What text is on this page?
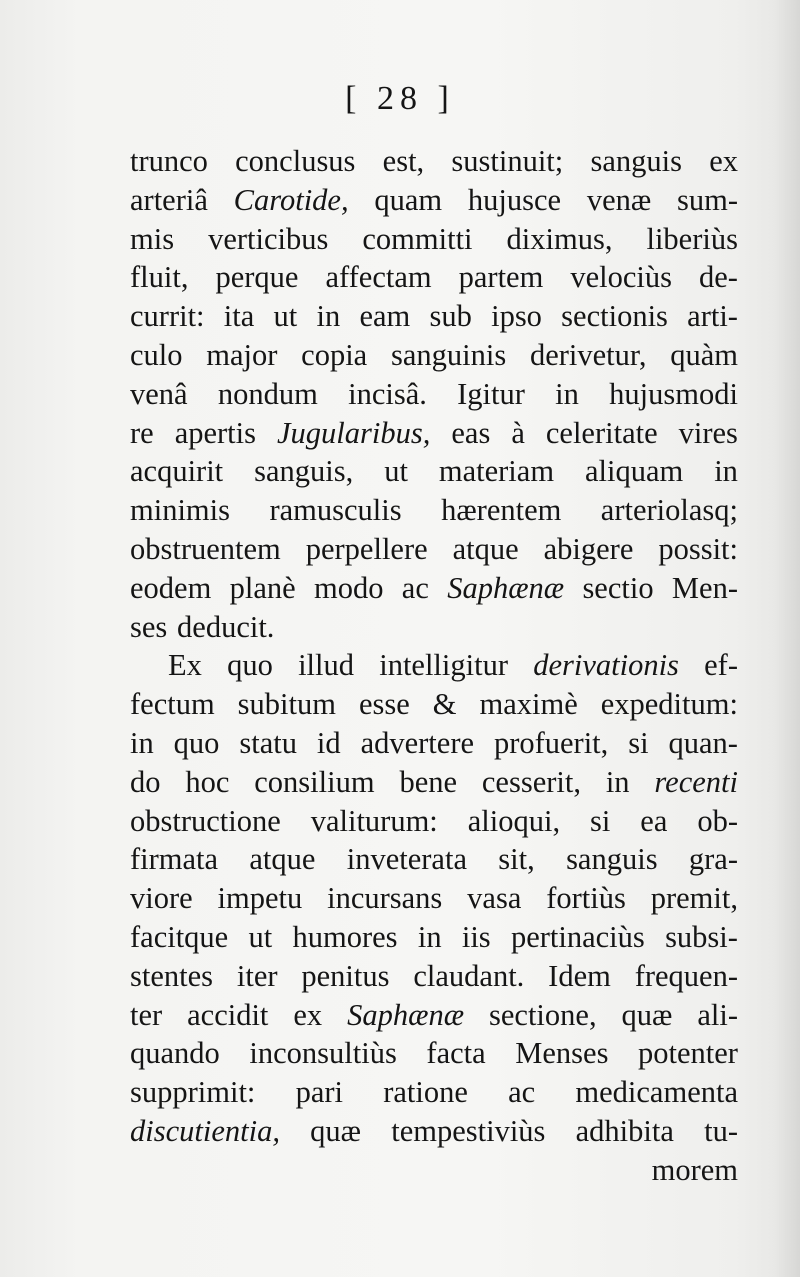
[ 28 ]
trunco conclusus est, sustinuit; sanguis ex
arteriâ Carotide, quam hujusce venæ sum-
mis verticibus committi diximus, liberiùs
fluit, perque affectam partem velociùs de-
currit: ita ut in eam sub ipso sectionis arti-
culo major copia sanguinis derivetur, quàm
venâ nondum incisâ. Igitur in hujusmodi
re apertis Jugularibus, eas à celeritate vires
acquirit sanguis, ut materiam aliquam in
minimis ramusculis hærentem arteriolasq;
obstruentem perpellere atque abigere possit:
eodem planè modo ac Saphænæ sectio Men-
ses deducit.
Ex quo illud intelligitur derivationis ef-
fectum subitum esse & maximè expeditum:
in quo statu id advertere profuerit, si quan-
do hoc consilium bene cesserit, in recenti
obstructione valiturum: alioqui, si ea ob-
firmata atque inveterata sit, sanguis gra-
viore impetu incursans vasa fortiùs premit,
facitque ut humores in iis pertinaciùs subsi-
stentes iter penitus claudant. Idem frequen-
ter accidit ex Saphænæ sectione, quæ ali-
quando inconsultiùs facta Menses potenter
supprimit: pari ratione ac medicamenta
discutientia, quæ tempestiviùs adhibita tu-
morem
